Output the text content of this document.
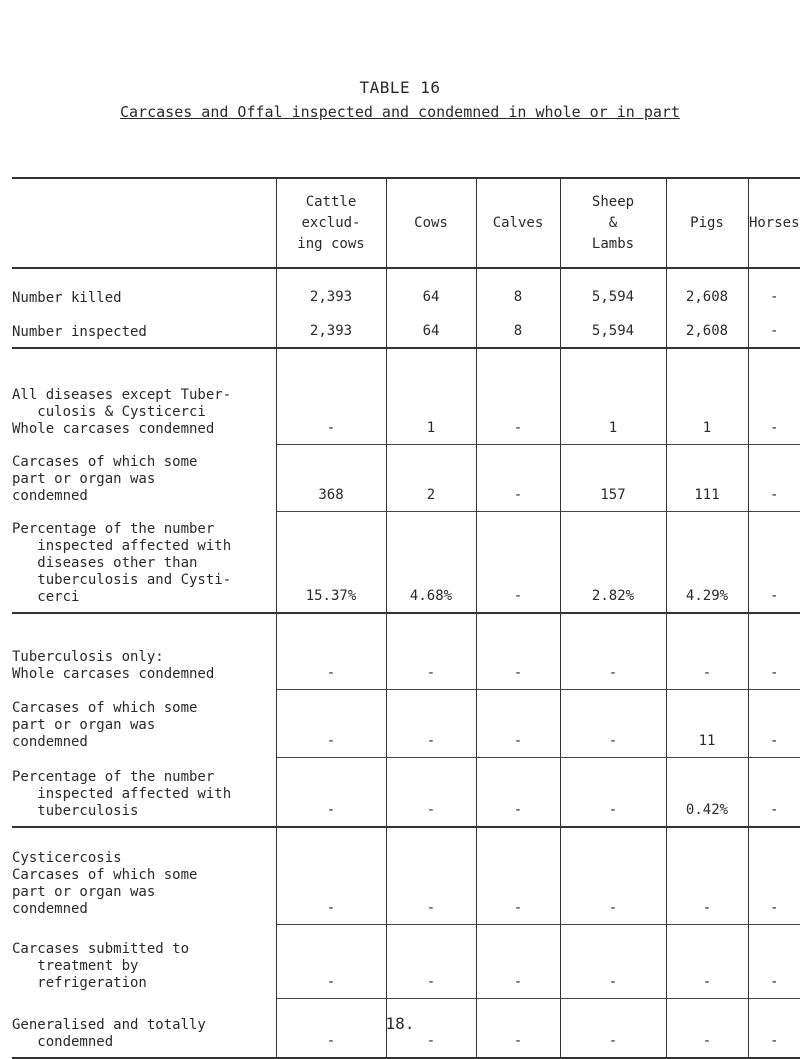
TABLE 16
Carcases and Offal inspected and condemned in whole or in part
	Cattle
exclud-
ing cows	Cows	Calves	Sheep
&
Lambs	Pigs	Horses
Number killed	2,393	64	8	5,594	2,608	-
Number inspected	2,393	64	8	5,594	2,608	-
All diseases except Tuber-
culosis & Cysticerci
Whole carcases condemned	-	1	-	1	1	-
Carcases of which some
part or organ was
condemned	368	2	-	157	111	-
Percentage of the number
inspected affected with
diseases other than
tuberculosis and Cysti-
cerci	15.37%	4.68%	-	2.82%	4.29%	-
Tuberculosis only:
Whole carcases condemned	-	-	-	-	-	-
Carcases of which some
part or organ was
condemned	-	-	-	-	11	-
Percentage of the number
inspected affected with
tuberculosis	-	-	-	-	0.42%	-
Cysticercosis
Carcases of which some
part or organ was
condemned	-	-	-	-	-	-
Carcases submitted to
treatment by
refrigeration	-	-	-	-	-	-
Generalised and totally
condemned	-	-	-	-	-	-
18.
